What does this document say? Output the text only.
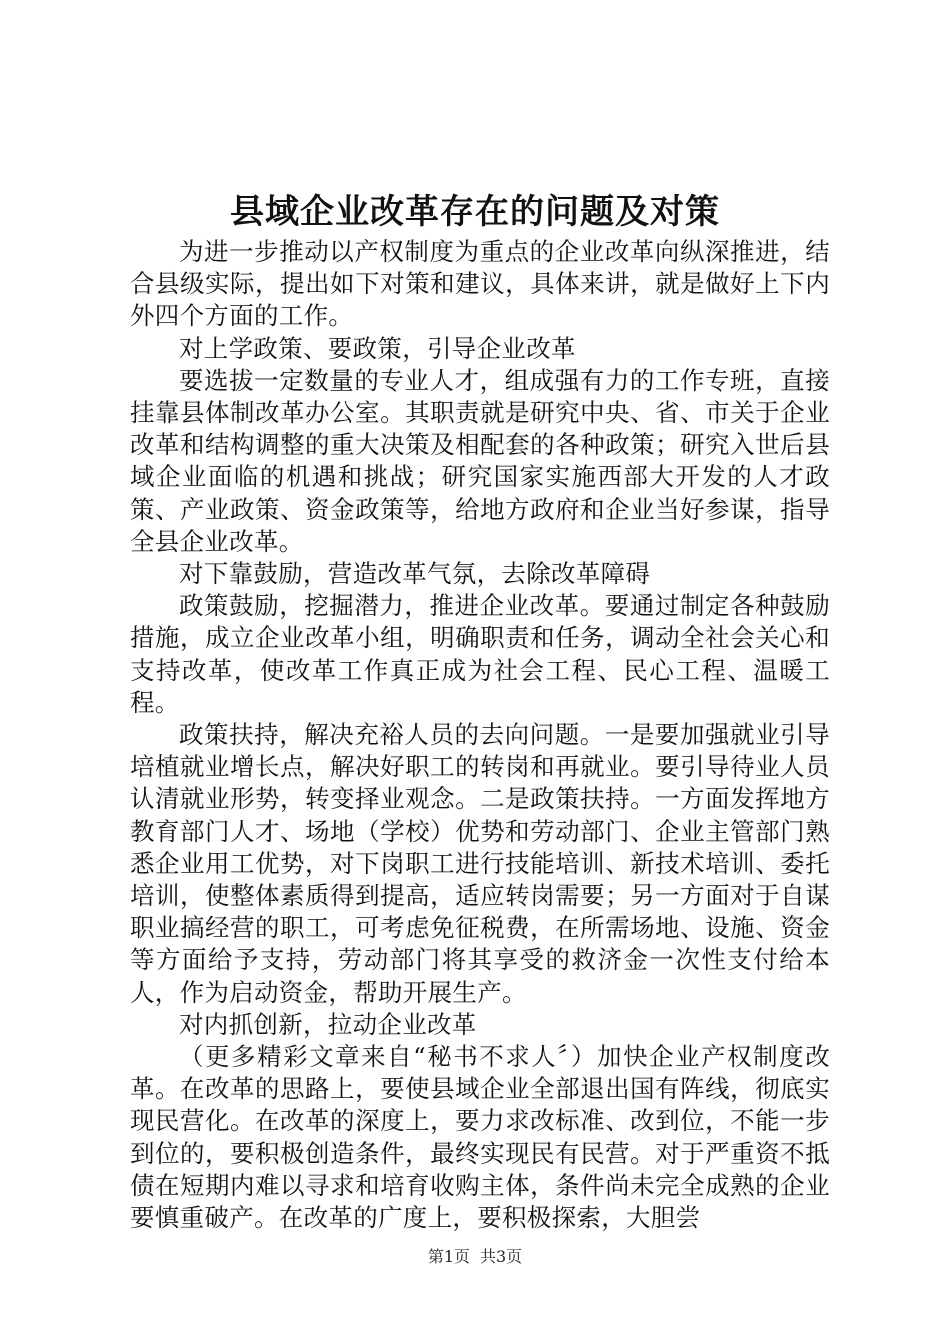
县域企业改革存在的问题及对策

为进一步推动以产权制度为重点的企业改革向纵深推进，结合县级实际，提出如下对策和建议，具体来讲，就是做好上下内外四个方面的工作。

对上学政策、要政策，引导企业改革

要选拔一定数量的专业人才，组成强有力的工作专班，直接挂靠县体制改革办公室。其职责就是研究中央、省、市关于企业改革和结构调整的重大决策及相配套的各种政策；研究入世后县域企业面临的机遇和挑战；研究国家实施西部大开发的人才政策、产业政策、资金政策等，给地方政府和企业当好参谋，指导全县企业改革。

对下靠鼓励，营造改革气氛，去除改革障碍

政策鼓励，挖掘潜力，推进企业改革。要通过制定各种鼓励措施，成立企业改革小组，明确职责和任务，调动全社会关心和支持改革，使改革工作真正成为社会工程、民心工程、温暖工程。

政策扶持，解决充裕人员的去向问题。一是要加强就业引导培植就业增长点，解决好职工的转岗和再就业。要引导待业人员认清就业形势，转变择业观念。二是政策扶持。一方面发挥地方教育部门人才、场地（学校）优势和劳动部门、企业主管部门熟悉企业用工优势，对下岗职工进行技能培训、新技术培训、委托培训，使整体素质得到提高，适应转岗需要；另一方面对于自谋职业搞经营的职工，可考虑免征税费，在所需场地、设施、资金等方面给予支持，劳动部门将其享受的救济金一次性支付给本人，作为启动资金，帮助开展生产。

对内抓创新，拉动企业改革

（更多精彩文章来自“秘书不求人〞）加快企业产权制度改革。在改革的思路上，要使县域企业全部退出国有阵线，彻底实现民营化。在改革的深度上，要力求改标准、改到位，不能一步到位的，要积极创造条件，最终实现民有民营。对于严重资不抵债在短期内难以寻求和培育收购主体，条件尚未完全成熟的企业要慎重破产。在改革的广度上，要积极探索，大胆尝

第1页 共3页
